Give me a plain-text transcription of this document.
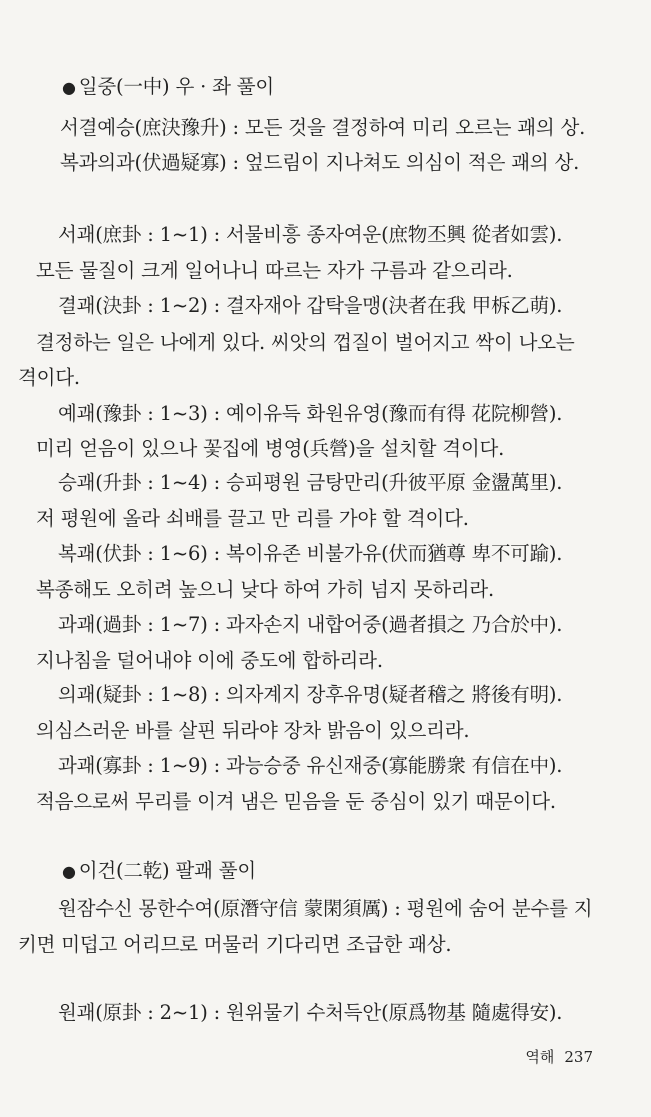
● 일중(一中) 우 · 좌 풀이
서결예승(庶決豫升) : 모든 것을 결정하여 미리 오르는 괘의 상.
복과의과(伏過疑寡) : 엎드림이 지나쳐도 의심이 적은 괘의 상.
서괘(庶卦 : 1~1) : 서물비흥 종자여운(庶物丕興 從者如雲).
모든 물질이 크게 일어나니 따르는 자가 구름과 같으리라.
결괘(決卦 : 1~2) : 결자재아 갑탁을맹(決者在我 甲柝乙萌).
결정하는 일은 나에게 있다. 씨앗의 껍질이 벌어지고 싹이 나오는
격이다.
예괘(豫卦 : 1~3) : 예이유득 화원유영(豫而有得 花院柳營).
미리 얻음이 있으나 꽃집에 병영(兵營)을 설치할 격이다.
승괘(升卦 : 1~4) : 승피평원 금탕만리(升彼平原 金盪萬里).
저 평원에 올라 쇠배를 끌고 만 리를 가야 할 격이다.
복괘(伏卦 : 1~6) : 복이유존 비불가유(伏而猶尊 卑不可踰).
복종해도 오히려 높으니 낮다 하여 가히 넘지 못하리라.
과괘(過卦 : 1~7) : 과자손지 내합어중(過者損之 乃合於中).
지나침을 덜어내야 이에 중도에 합하리라.
의괘(疑卦 : 1~8) : 의자계지 장후유명(疑者稽之 將後有明).
의심스러운 바를 살핀 뒤라야 장차 밝음이 있으리라.
과괘(寡卦 : 1~9) : 과능승중 유신재중(寡能勝衆 有信在中).
적음으로써 무리를 이겨 냄은 믿음을 둔 중심이 있기 때문이다.
● 이건(二乾) 팔괘 풀이
원잠수신 몽한수여(原潛守信 蒙閑須厲) : 평원에 숨어 분수를 지
키면 미덥고 어리므로 머물러 기다리면 조급한 괘상.
원괘(原卦 : 2~1) : 원위물기 수처득안(原爲物基 隨處得安).
역해 237
